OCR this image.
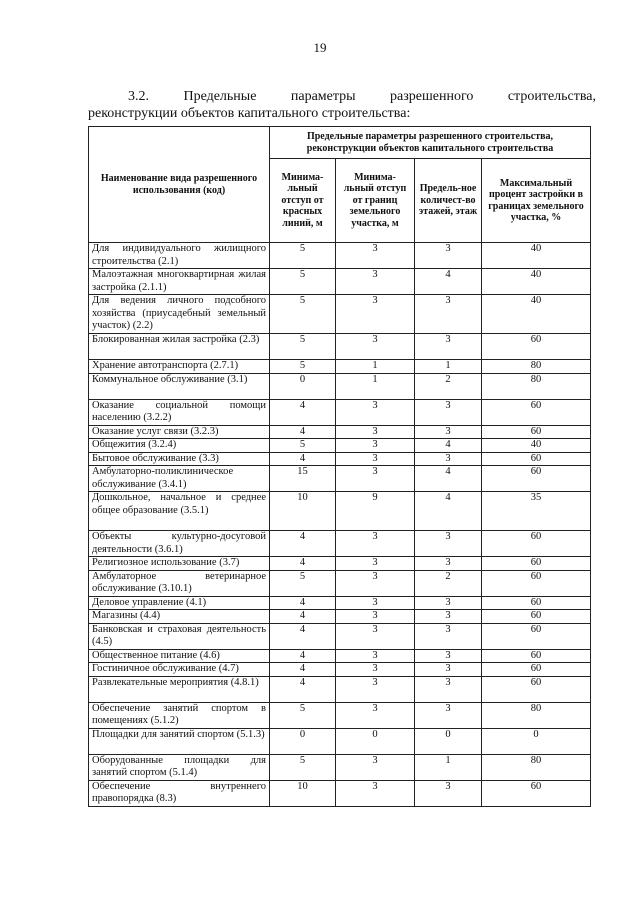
19
3.2. Предельные параметры разрешенного строительства,
реконструкции объектов капитального строительства:
Наименование вида разрешенного использования (код)	Предельные параметры разрешенного строительства, реконструкции объектов капитального строительства			
	Минима-льный отступ от красных линий, м	Минима-льный отступ от границ земельного участка, м	Предель-ное количест-во этажей, этаж	Максимальный процент застройки в границах земельного участка, %
Для индивидуального жилищного строительства (2.1)	5	3	3	40
Малоэтажная многоквартирная жилая застройка (2.1.1)	5	3	4	40
Для ведения личного подсобного хозяйства (приусадебный земельный участок) (2.2)	5	3	3	40
Блокированная жилая застройка (2.3)	5	3	3	60
Хранение автотранспорта (2.7.1)	5	1	1	80
Коммунальное обслуживание (3.1)	0	1	2	80
Оказание социальной помощи населению (3.2.2)	4	3	3	60
Оказание услуг связи (3.2.3)	4	3	3	60
Общежития (3.2.4)	5	3	4	40
Бытовое обслуживание (3.3)	4	3	3	60
Амбулаторно-поликлиническое обслуживание (3.4.1)	15	3	4	60
Дошкольное, начальное и среднее общее образование (3.5.1)	10	9	4	35
Объекты культурно-досуговой деятельности (3.6.1)	4	3	3	60
Религиозное использование (3.7)	4	3	3	60
Амбулаторное ветеринарное обслуживание (3.10.1)	5	3	2	60
Деловое управление (4.1)	4	3	3	60
Магазины (4.4)	4	3	3	60
Банковская и страховая деятельность (4.5)	4	3	3	60
Общественное питание (4.6)	4	3	3	60
Гостиничное обслуживание (4.7)	4	3	3	60
Развлекательные мероприятия (4.8.1)	4	3	3	60
Обеспечение занятий спортом в помещениях (5.1.2)	5	3	3	80
Площадки для занятий спортом (5.1.3)	0	0	0	0
Оборудованные площадки для занятий спортом (5.1.4)	5	3	1	80
Обеспечение внутреннего правопорядка (8.3)	10	3	3	60
